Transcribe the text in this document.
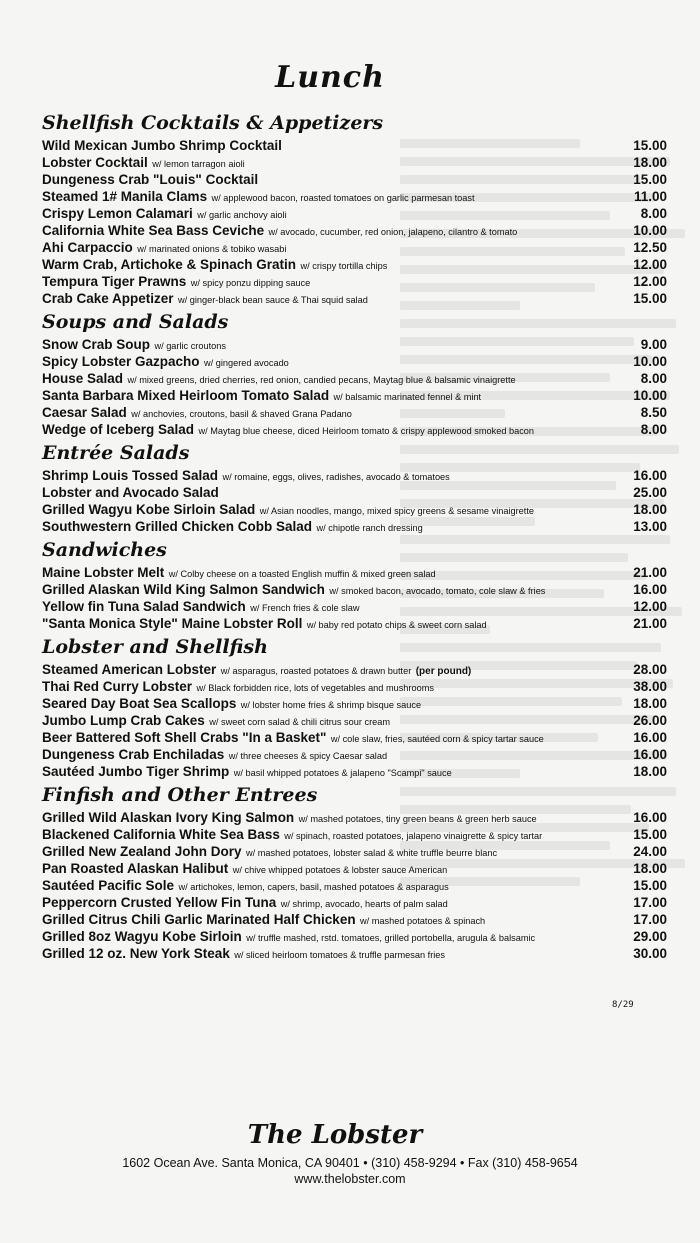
Lunch
Shellfish Cocktails & Appetizers
Wild Mexican Jumbo Shrimp Cocktail	15.00
Lobster Cocktail w/ lemon tarragon aioli	18.00
Dungeness Crab "Louis" Cocktail	15.00
Steamed 1# Manila Clams w/ applewood bacon, roasted tomatoes on garlic parmesan toast	11.00
Crispy Lemon Calamari w/ garlic anchovy aioli	8.00
California White Sea Bass Ceviche w/ avocado, cucumber, red onion, jalapeno, cilantro & tomato	10.00
Ahi Carpaccio w/ marinated onions & tobiko wasabi	12.50
Warm Crab, Artichoke & Spinach Gratin w/ crispy tortilla chips	12.00
Tempura Tiger Prawns w/ spicy ponzu dipping sauce	12.00
Crab Cake Appetizer w/ ginger-black bean sauce & Thai squid salad	15.00
Soups and Salads
Snow Crab Soup w/ garlic croutons	9.00
Spicy Lobster Gazpacho w/ gingered avocado	10.00
House Salad w/ mixed greens, dried cherries, red onion, candied pecans, Maytag blue & balsamic vinaigrette	8.00
Santa Barbara Mixed Heirloom Tomato Salad w/ balsamic marinated fennel & mint	10.00
Caesar Salad w/ anchovies, croutons, basil & shaved Grana Padano	8.50
Wedge of Iceberg Salad w/ Maytag blue cheese, diced Heirloom tomato & crispy applewood smoked bacon	8.00
Entrée Salads
Shrimp Louis Tossed Salad w/ romaine, eggs, olives, radishes, avocado & tomatoes	16.00
Lobster and Avocado Salad	25.00
Grilled Wagyu Kobe Sirloin Salad w/ Asian noodles, mango, mixed spicy greens & sesame vinaigrette	18.00
Southwestern Grilled Chicken Cobb Salad w/ chipotle ranch dressing	13.00
Sandwiches
Maine Lobster Melt w/ Colby cheese on a toasted English muffin & mixed green salad	21.00
Grilled Alaskan Wild King Salmon Sandwich w/ smoked bacon, avocado, tomato, cole slaw & fries	16.00
Yellow fin Tuna Salad Sandwich w/ French fries & cole slaw	12.00
"Santa Monica Style" Maine Lobster Roll w/ baby red potato chips & sweet corn salad	21.00
Lobster and Shellfish
Steamed American Lobster w/ asparagus, roasted potatoes & drawn butter (per pound)	28.00
Thai Red Curry Lobster w/ Black forbidden rice, lots of vegetables and mushrooms	38.00
Seared Day Boat Sea Scallops w/ lobster home fries & shrimp bisque sauce	18.00
Jumbo Lump Crab Cakes w/ sweet corn salad & chili citrus sour cream	26.00
Beer Battered Soft Shell Crabs "In a Basket" w/ cole slaw, fries, sautéed corn & spicy tartar sauce	16.00
Dungeness Crab Enchiladas w/ three cheeses & spicy Caesar salad	16.00
Sautéed Jumbo Tiger Shrimp w/ basil whipped potatoes & jalapeno "Scampi" sauce	18.00
Finfish and Other Entrees
Grilled Wild Alaskan Ivory King Salmon w/ mashed potatoes, tiny green beans & green herb sauce	16.00
Blackened California White Sea Bass w/ spinach, roasted potatoes, jalapeno vinaigrette & spicy tartar	15.00
Grilled New Zealand John Dory w/ mashed potatoes, lobster salad & white truffle beurre blanc	24.00
Pan Roasted Alaskan Halibut w/ chive whipped potatoes & lobster sauce American	18.00
Sautéed Pacific Sole w/ artichokes, lemon, capers, basil, mashed potatoes & asparagus	15.00
Peppercorn Crusted Yellow Fin Tuna w/ shrimp, avocado, hearts of palm salad	17.00
Grilled Citrus Chili Garlic Marinated Half Chicken w/ mashed potatoes & spinach	17.00
Grilled 8oz Wagyu Kobe Sirloin w/ truffle mashed, rstd. tomatoes, grilled portobella, arugula & balsamic	29.00
Grilled 12 oz. New York Steak w/ sliced heirloom tomatoes & truffle parmesan fries	30.00
8/29
The Lobster
1602 Ocean Ave. Santa Monica, CA 90401 • (310) 458-9294 • Fax (310) 458-9654
www.thelobster.com
